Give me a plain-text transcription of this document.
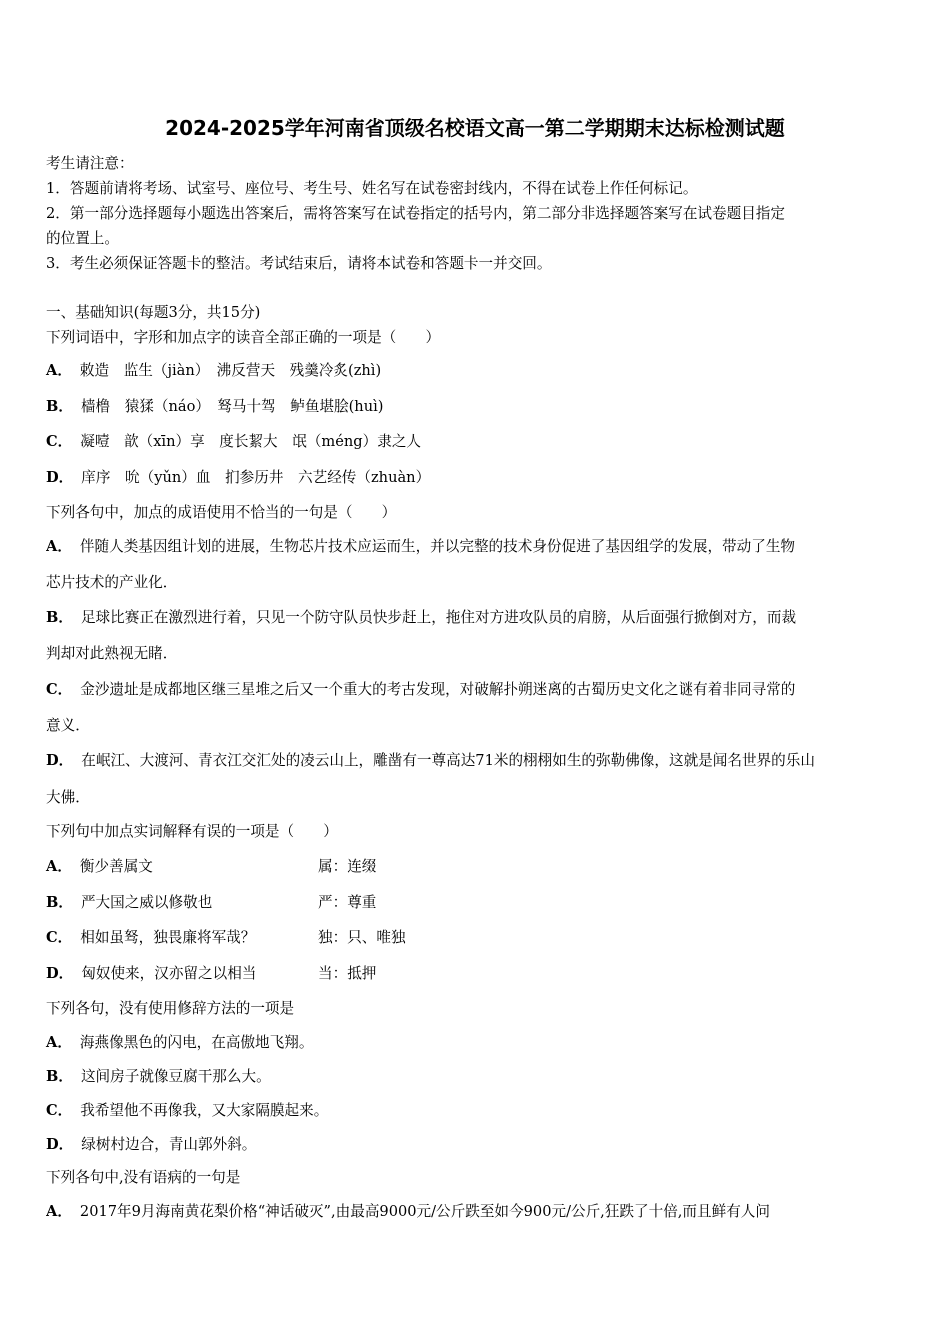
2024-2025学年河南省顶级名校语文高一第二学期期末达标检测试题
考生请注意：
1．答题前请将考场、试室号、座位号、考生号、姓名写在试卷密封线内，不得在试卷上作任何标记。
2．第一部分选择题每小题选出答案后，需将答案写在试卷指定的括号内，第二部分非选择题答案写在试卷题目指定
的位置上。
3．考生必须保证答题卡的整洁。考试结束后，请将本试卷和答题卡一并交回。
一、基础知识(每题3分，共15分)
下列词语中，字形和加点字的读音全部正确的一项是（　　）
A． 敕造　监生（jiàn）　沸反营天　残羹冷炙(zhì)
B． 樯橹　猿猱（náo）　驽马十驾　鲈鱼堪脍(huì)
C． 凝噎　歆（xīn）享　度长絜大　氓（méng）隶之人
D． 庠序　吮（yǔn）血　扪参历井　六艺经传（zhuàn）
下列各句中，加点的成语使用不恰当的一句是（　　）
A． 伴随人类基因组计划的进展，生物芯片技术应运而生，并以完整的技术身份促进了基因组学的发展，带动了生物
芯片技术的产业化．
B． 足球比赛正在激烈进行着，只见一个防守队员快步赶上，拖住对方进攻队员的肩膀，从后面强行掀倒对方，而裁
判却对此熟视无睹．
C． 金沙遗址是成都地区继三星堆之后又一个重大的考古发现，对破解扑朔迷离的古蜀历史文化之谜有着非同寻常的
意义．
D． 在岷江、大渡河、青衣江交汇处的凌云山上，雕凿有一尊高达71米的栩栩如生的弥勒佛像，这就是闻名世界的乐山
大佛．
下列句中加点实词解释有误的一项是（　　）
A． 衡少善属文	属：连缀
B． 严大国之威以修敬也	严：尊重
C． 相如虽驽，独畏廉将军哉？	独：只、唯独
D． 匈奴使来，汉亦留之以相当	当：抵押
下列各句，没有使用修辞方法的一项是
A． 海燕像黑色的闪电，在高傲地飞翔。
B． 这间房子就像豆腐干那么大。
C． 我希望他不再像我，又大家隔膜起来。
D． 绿树村边合，青山郭外斜。
下列各句中,没有语病的一句是
A． 2017年9月海南黄花梨价格“神话破灭”,由最高9000元/公斤跌至如今900元/公斤,狂跌了十倍,而且鲜有人问
